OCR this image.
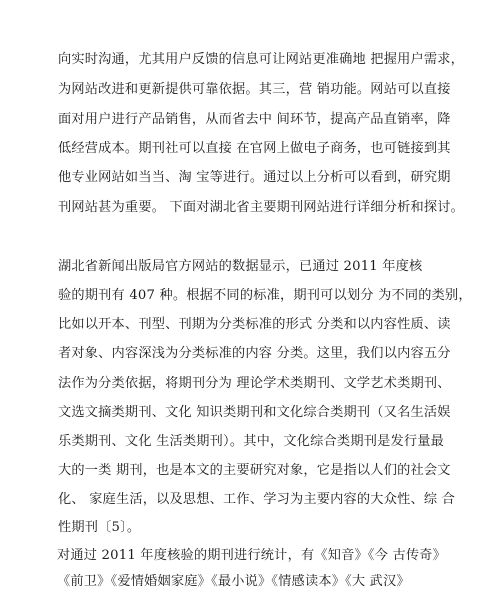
向实时沟通，尤其用户反馈的信息可让网站更准确地 把握用户需求，
为网站改进和更新提供可靠依据。其三，营 销功能。网站可以直接
面对用户进行产品销售，从而省去中 间环节，提高产品直销率，降
低经营成本。期刊社可以直接 在官网上做电子商务，也可链接到其
他专业网站如当当、淘 宝等进行。通过以上分析可以看到，研究期
刊网站甚为重要。 下面对湖北省主要期刊网站进行详细分析和探讨。
湖北省新闻出版局官方网站的数据显示，已通过 2011 年度核
验的期刊有 407 种。根据不同的标准，期刊可以划分 为不同的类别，
比如以开本、刊型、刊期为分类标准的形式 分类和以内容性质、读
者对象、内容深浅为分类标准的内容 分类。这里，我们以内容五分
法作为分类依据，将期刊分为 理论学术类期刊、文学艺术类期刊、
文选文摘类期刊、文化 知识类期刊和文化综合类期刊（又名生活娱
乐类期刊、文化 生活类期刊）。其中，文化综合类期刊是发行量最
大的一类 期刊，也是本文的主要研究对象，它是指以人们的社会文
化、 家庭生活，以及思想、工作、学习为主要内容的大众性、综 合
性期刊〔5〕。
对通过 2011 年度核验的期刊进行统计，有《知音》《今 古传奇》
《前卫》《爱情婚姻家庭》《最小说》《情感读本》《大 武汉》
